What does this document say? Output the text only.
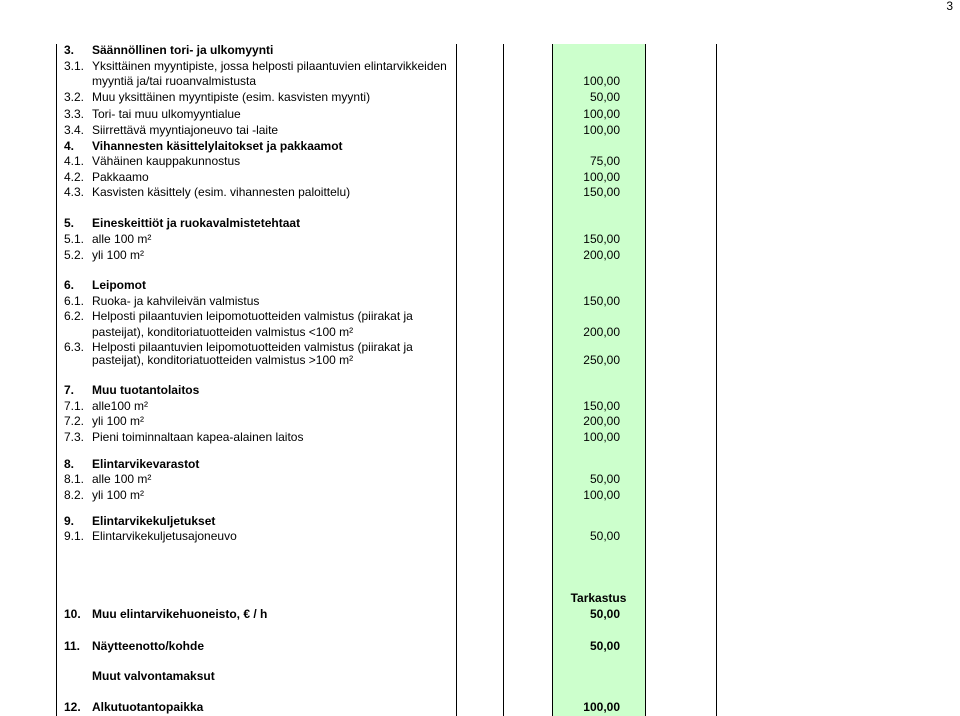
3
Tarkastus
3. Säännöllinen tori- ja ulkomyynti
3.1. Yksittäinen myyntipiste, jossa helposti pilaantuvien elintarvikkeiden
myyntiä ja/tai ruoanvalmistusta	100,00
3.2. Muu yksittäinen myyntipiste (esim. kasvisten myynti)	50,00
3.3. Tori- tai muu ulkomyyntialue	100,00
3.4. Siirrettävä myyntiajoneuvo tai -laite	100,00
4. Vihannesten käsittelylaitokset ja pakkaamot
4.1. Vähäinen kauppakunnostus	75,00
4.2. Pakkaamo	100,00
4.3. Kasvisten käsittely (esim. vihannesten paloittelu)	150,00
5. Eineskeittiöt ja ruokavalmistetehtaat
5.1. alle 100 m²	150,00
5.2. yli 100 m²	200,00
6. Leipomot
6.1. Ruoka- ja kahvileivän valmistus	150,00
6.2. Helposti pilaantuvien leipomotuotteiden valmistus (piirakat ja
pasteijat), konditoriatuotteiden valmistus <100 m²	200,00
6.3. Helposti pilaantuvien leipomotuotteiden valmistus (piirakat ja
pasteijat), konditoriatuotteiden valmistus >100 m²	250,00
7. Muu tuotantolaitos
7.1. alle100 m²	150,00
7.2. yli 100 m²	200,00
7.3. Pieni toiminnaltaan kapea-alainen laitos	100,00
8. Elintarvikevarastot
8.1. alle 100 m²	50,00
8.2. yli 100 m²	100,00
9. Elintarvikekuljetukset
9.1. Elintarvikekuljetusajoneuvo	50,00
10. Muu elintarvikehuoneisto, € / h	50,00
11. Näytteenotto/kohde	50,00
Muut valvontamaksut
12. Alkutuotantopaikka	100,00
